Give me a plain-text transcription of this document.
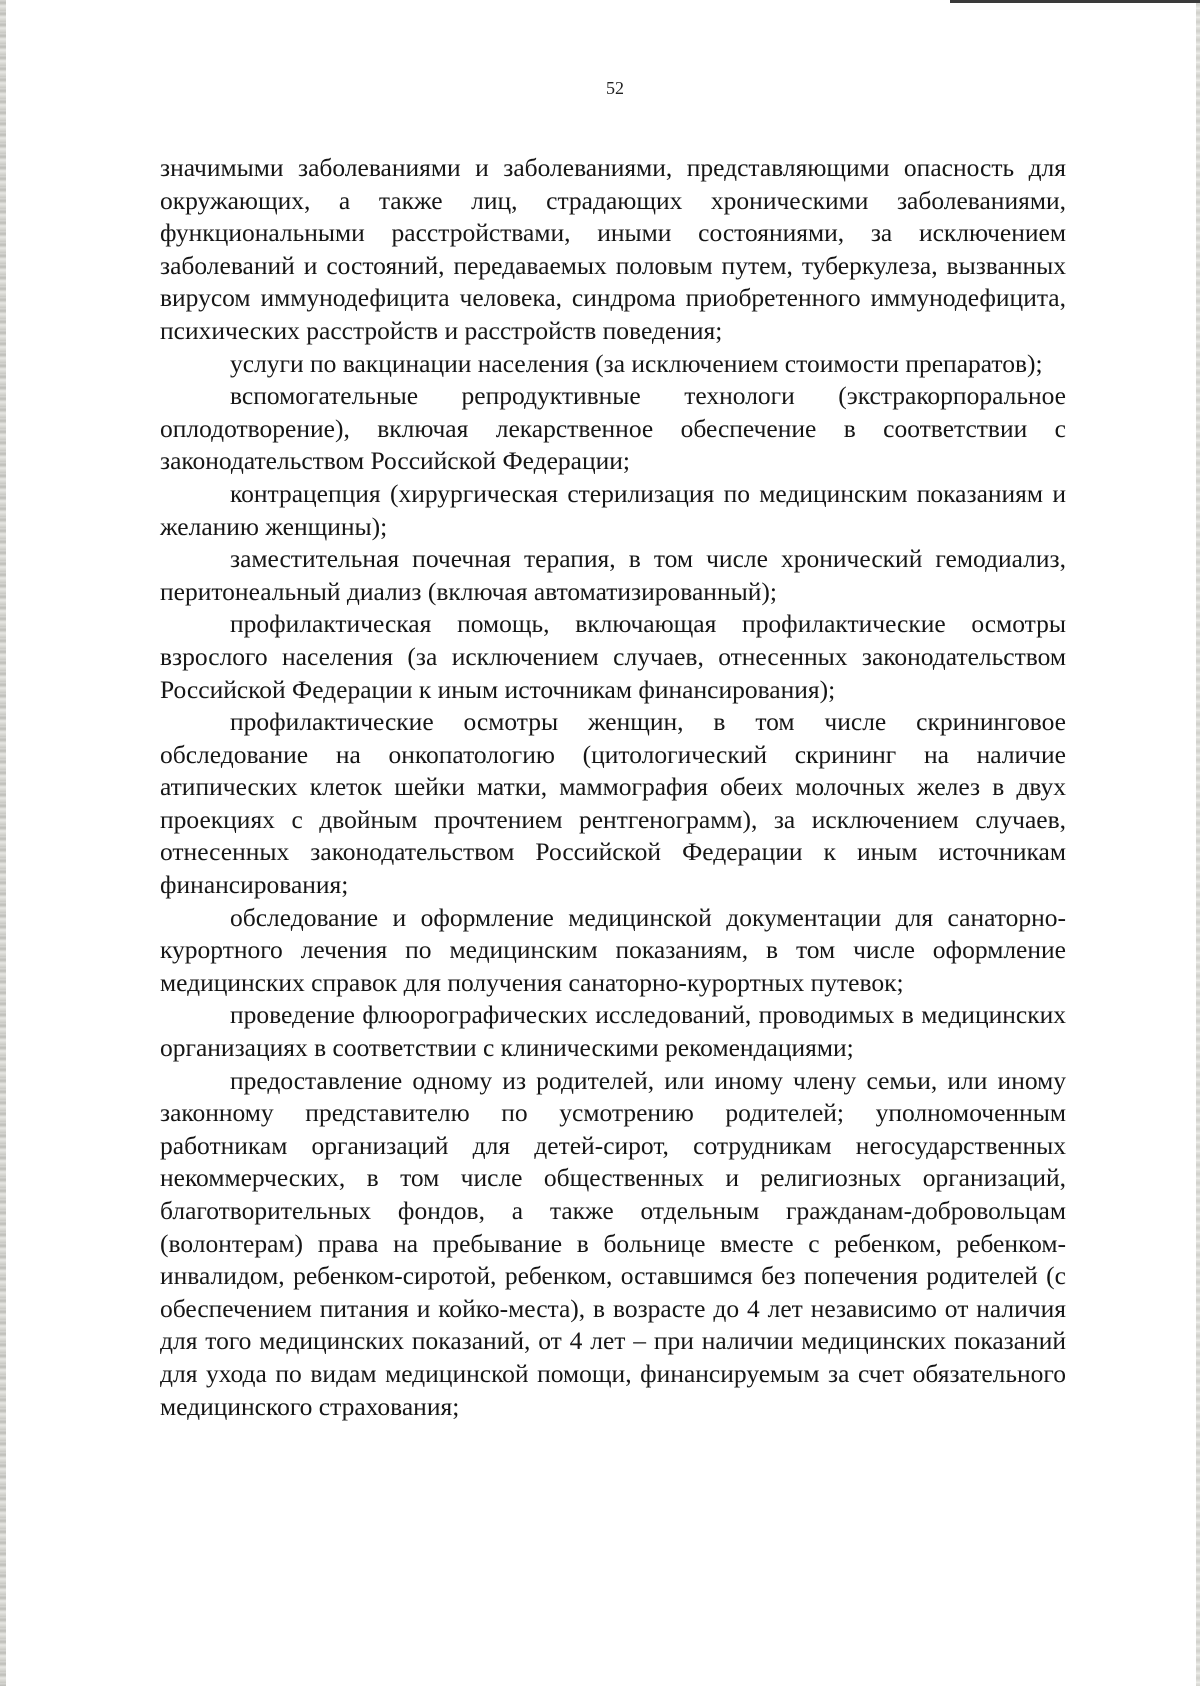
52

значимыми заболеваниями и заболеваниями, представляющими опасность для окружающих, а также лиц, страдающих хроническими заболеваниями, функциональными расстройствами, иными состояниями, за исключением заболеваний и состояний, передаваемых половым путем, туберкулеза, вызванных вирусом иммунодефицита человека, синдрома приобретенного иммунодефицита, психических расстройств и расстройств поведения;

услуги по вакцинации населения (за исключением стоимости препаратов);

вспомогательные репродуктивные технологи (экстракорпоральное оплодотворение), включая лекарственное обеспечение в соответствии с законодательством Российской Федерации;

контрацепция (хирургическая стерилизация по медицинским показаниям и желанию женщины);

заместительная почечная терапия, в том числе хронический гемодиализ, перитонеальный диализ (включая автоматизированный);

профилактическая помощь, включающая профилактические осмотры взрослого населения (за исключением случаев, отнесенных законодательством Российской Федерации к иным источникам финансирования);

профилактические осмотры женщин, в том числе скрининговое обследование на онкопатологию (цитологический скрининг на наличие атипических клеток шейки матки, маммография обеих молочных желез в двух проекциях с двойным прочтением рентгенограмм), за исключением случаев, отнесенных законодательством Российской Федерации к иным источникам финансирования;

обследование и оформление медицинской документации для санаторно-курортного лечения по медицинским показаниям, в том числе оформление медицинских справок для получения санаторно-курортных путевок;

проведение флюорографических исследований, проводимых в медицинских организациях в соответствии с клиническими рекомендациями;

предоставление одному из родителей, или иному члену семьи, или иному законному представителю по усмотрению родителей; уполномоченным работникам организаций для детей-сирот, сотрудникам негосударственных некоммерческих, в том числе общественных и религиозных организаций, благотворительных фондов, а также отдельным гражданам-добровольцам (волонтерам) права на пребывание в больнице вместе с ребенком, ребенком-инвалидом, ребенком-сиротой, ребенком, оставшимся без попечения родителей (с обеспечением питания и койко-места), в возрасте до 4 лет независимо от наличия для того медицинских показаний, от 4 лет – при наличии медицинских показаний для ухода по видам медицинской помощи, финансируемым за счет обязательного медицинского страхования;
